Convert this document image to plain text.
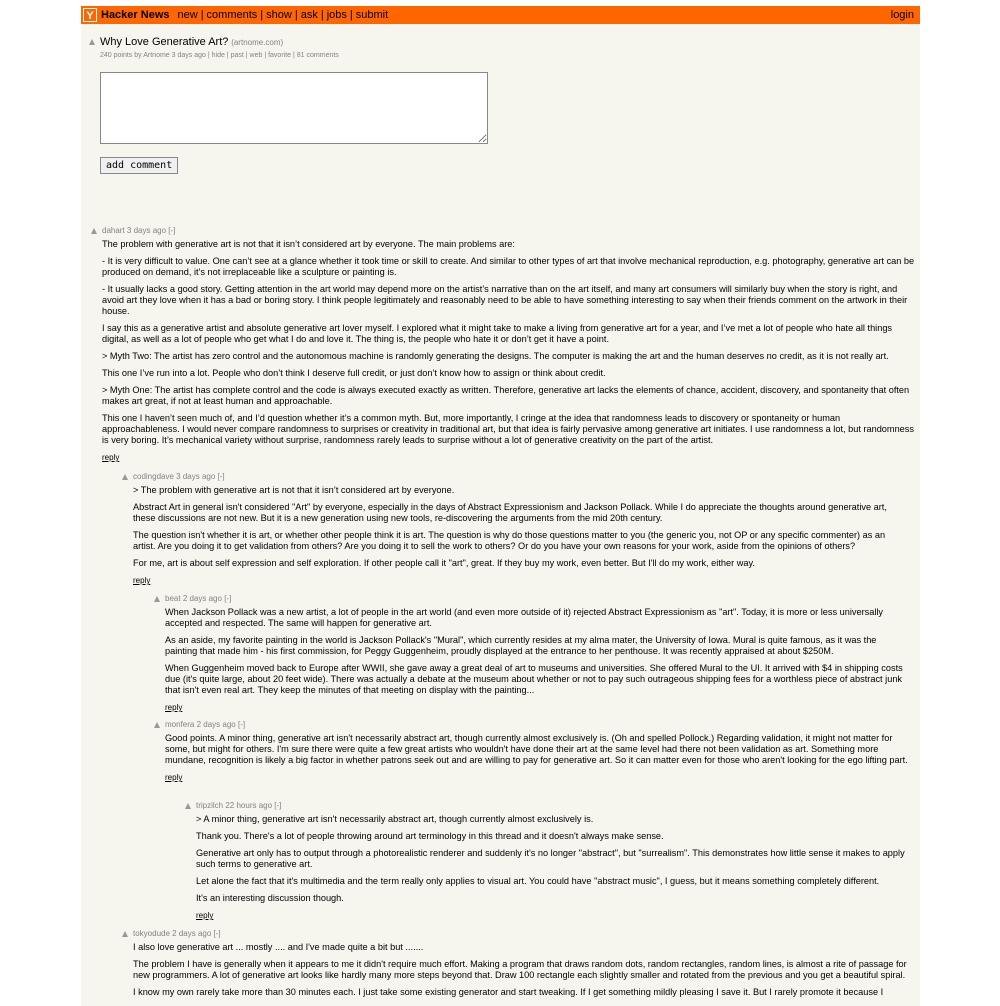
Y Hacker News new | comments | show | ask | jobs | submit	login
Why Love Generative Art? (artnome.com)
240 points by Artnome 3 days ago | hide | past | web | favorite | 81 comments
add comment
dahart 3 days ago [-]

The problem with generative art is not that it isn’t considered art by everyone. The main problems are:

- It is very difficult to value. One can’t see at a glance whether it took time or skill to create. And similar to other types of art that involve mechanical reproduction, e.g. photography, generative art can be produced on demand, it’s not irreplaceable like a sculpture or painting is.

- It usually lacks a good story. Getting attention in the art world may depend more on the artist’s narrative than on the art itself, and many art consumers will similarly buy when the story is right, and avoid art they love when it has a bad or boring story. I think people legitimately and reasonably need to be able to have something interesting to say when their friends comment on the artwork in their house.

I say this as a generative artist and absolute generative art lover myself. I explored what it might take to make a living from generative art for a year, and I’ve met a lot of people who hate all things digital, as well as a lot of people who get what I do and love it. The thing is, the people who hate it or don’t get it have a point.

> Myth Two: The artist has zero control and the autonomous machine is randomly generating the designs. The computer is making the art and the human deserves no credit, as it is not really art.

This one I’ve run into a lot. People who don’t think I deserve full credit, or just don’t know how to assign or think about credit.

> Myth One: The artist has complete control and the code is always executed exactly as written. Therefore, generative art lacks the elements of chance, accident, discovery, and spontaneity that often makes art great, if not at least human and approachable.

This one I haven’t seen much of, and I’d question whether it’s a common myth. But, more importantly, I cringe at the idea that randomness leads to discovery or spontaneity or human approachableness. I would never compare randomness to surprises or creativity in traditional art, but that idea is fairly pervasive among generative art initiates. I use randomness a lot, but randomness is very boring. It’s mechanical variety without surprise, randomness rarely leads to surprise without a lot of generative creativity on the part of the artist.

reply
codingdave 3 days ago [-]

> The problem with generative art is not that it isn’t considered art by everyone.

Abstract Art in general isn't considered "Art" by everyone, especially in the days of Abstract Expressionism and Jackson Pollack. While I do appreciate the thoughts around generative art, these discussions are not new. But it is a new generation using new tools, re-discovering the arguments from the mid 20th century.

The question isn't whether it is art, or whether other people think it is art. The question is why do those questions matter to you (the generic you, not OP or any specific commenter) as an artist. Are you doing it to get validation from others? Are you doing it to sell the work to others? Or do you have your own reasons for your work, aside from the opinions of others?

For me, art is about self expression and self exploration. If other people call it "art", great. If they buy my work, even better. But I'll do my work, either way.

reply
beat 2 days ago [-]

When Jackson Pollack was a new artist, a lot of people in the art world (and even more outside of it) rejected Abstract Expressionism as "art". Today, it is more or less universally accepted and respected. The same will happen for generative art.

As an aside, my favorite painting in the world is Jackson Pollack's "Mural", which currently resides at my alma mater, the University of Iowa. Mural is quite famous, as it was the painting that made him - his first commission, for Peggy Guggenheim, proudly displayed at the entrance to her penthouse. It was recently appraised at about $250M.

When Guggenheim moved back to Europe after WWII, she gave away a great deal of art to museums and universities. She offered Mural to the UI. It arrived with $4 in shipping costs due (it's quite large, about 20 feet wide). There was actually a debate at the museum about whether or not to pay such outrageous shipping fees for a worthless piece of abstract junk that isn't even real art. They keep the minutes of that meeting on display with the painting...

reply
monfera 2 days ago [-]

Good points. A minor thing, generative art isn't necessarily abstract art, though currently almost exclusively is. (Oh and spelled Pollock.) Regarding validation, it might not matter for some, but might for others. I'm sure there were quite a few great artists who wouldn't have done their art at the same level had there not been validation as art. Something more mundane, recognition is likely a big factor in whether patrons seek out and are willing to pay for generative art. So it can matter even for those who aren't looking for the ego lifting part.

reply
tripzilch 22 hours ago [-]

> A minor thing, generative art isn't necessarily abstract art, though currently almost exclusively is.

Thank you. There's a lot of people throwing around art terminology in this thread and it doesn't always make sense.

Generative art only has to output through a photorealistic renderer and suddenly it's no longer "abstract", but "surrealism". This demonstrates how little sense it makes to apply such terms to generative art.

Let alone the fact that it's multimedia and the term really only applies to visual art. You could have "abstract music", I guess, but it means something completely different.

It's an interesting discussion though.

reply
tokyodude 2 days ago [-]

I also love generative art ... mostly .... and I've made quite a bit but .......

The problem I have is generally when it appears to me it didn't require much effort. Making a program that draws random dots, random rectangles, random lines, is almost a rite of passage for new programmers. A lot of generative art looks like hardly many more steps beyond that. Draw 100 rectangle each slightly smaller and rotated from the previous and you get a beautiful spiral.

I know my own rarely take more than 30 minutes each. I just take some existing generator and start tweaking. If I get something mildly pleasing I save it. But I rarely promote it because I
